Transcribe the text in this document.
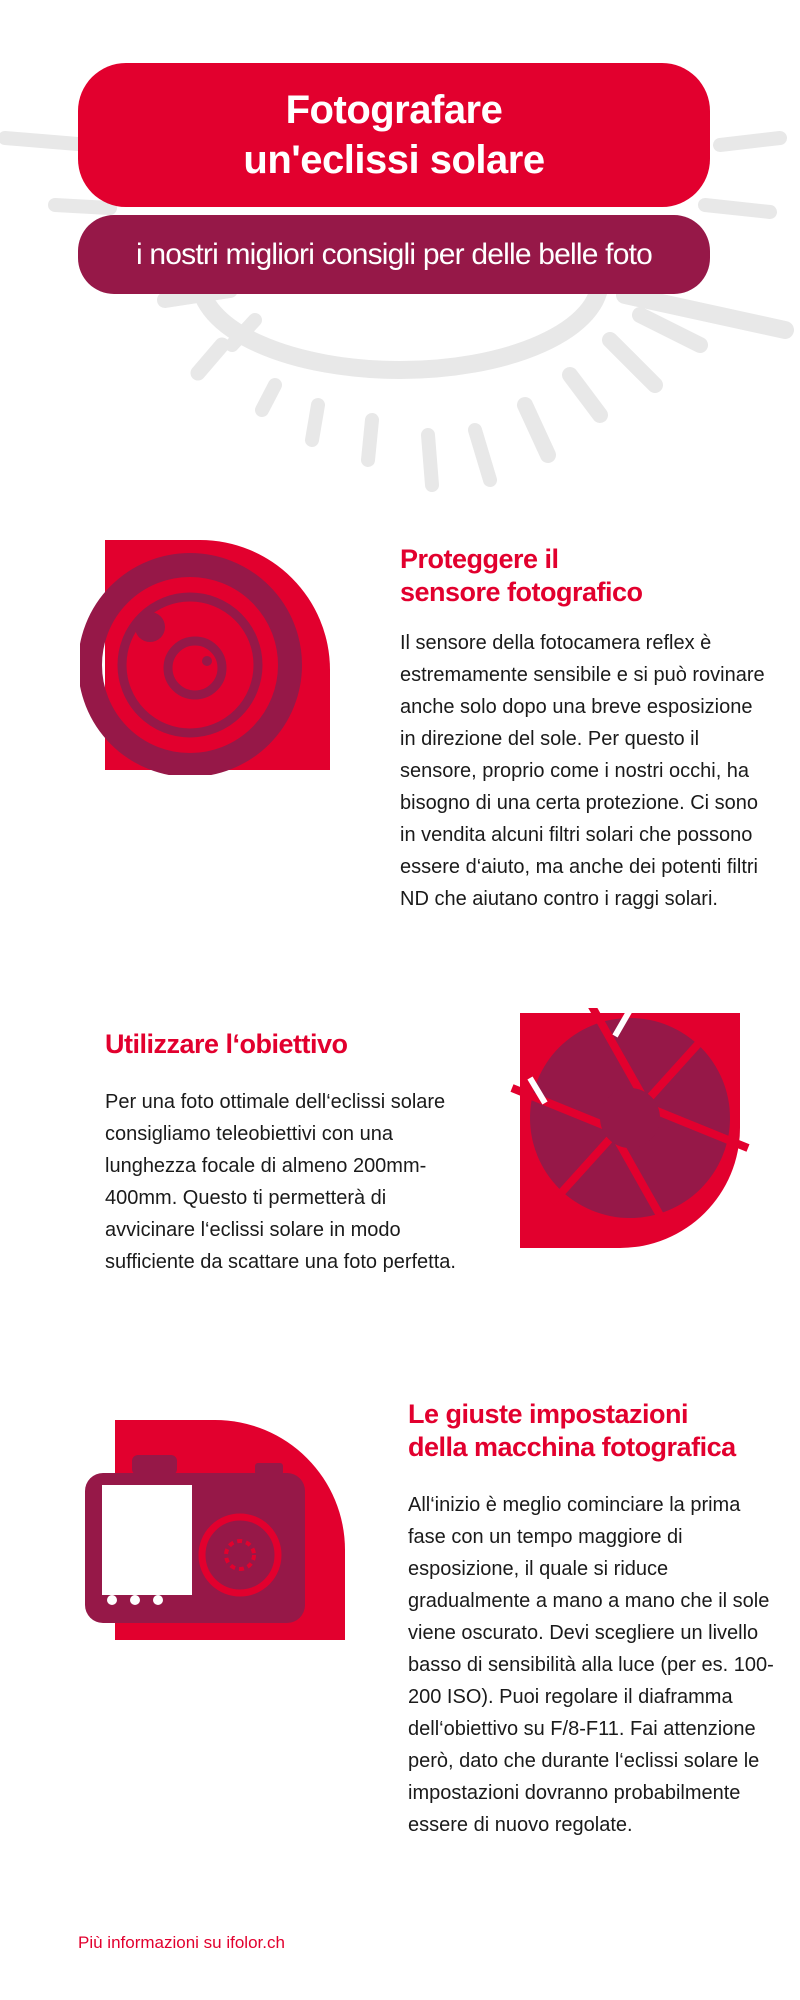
Fotografare
un'eclissi solare
i nostri migliori consigli per delle belle foto
Proteggere il
sensore fotografico

Il sensore della fotocamera reflex è estremamente sensibile e si può rovinare anche solo dopo una breve esposizione in direzione del sole. Per questo il sensore, proprio come i nostri occhi, ha bisogno di una certa protezione. Ci sono in vendita alcuni filtri solari che possono essere d‘aiuto, ma anche dei potenti filtri ND che aiutano contro i raggi solari.

Utilizzare l‘obiettivo

Per una foto ottimale dell‘eclissi solare consigliamo teleobiettivi con una lunghezza focale di almeno 200mm-400mm. Questo ti permetterà di avvicinare l‘eclissi solare in modo sufficiente da scattare una foto perfetta.

Le giuste impostazioni
della macchina fotografica

All‘inizio è meglio cominciare la prima fase con un tempo maggiore di esposizione, il quale si riduce gradualmente a mano a mano che il sole viene oscurato. Devi scegliere un livello basso di sensibilità alla luce (per es. 100-200 ISO). Puoi regolare il diaframma dell‘obiettivo su F/8-F11. Fai attenzione però, dato che durante l‘eclissi solare le impostazioni dovranno probabilmente essere di nuovo regolate.

Più informazioni su ifolor.ch
